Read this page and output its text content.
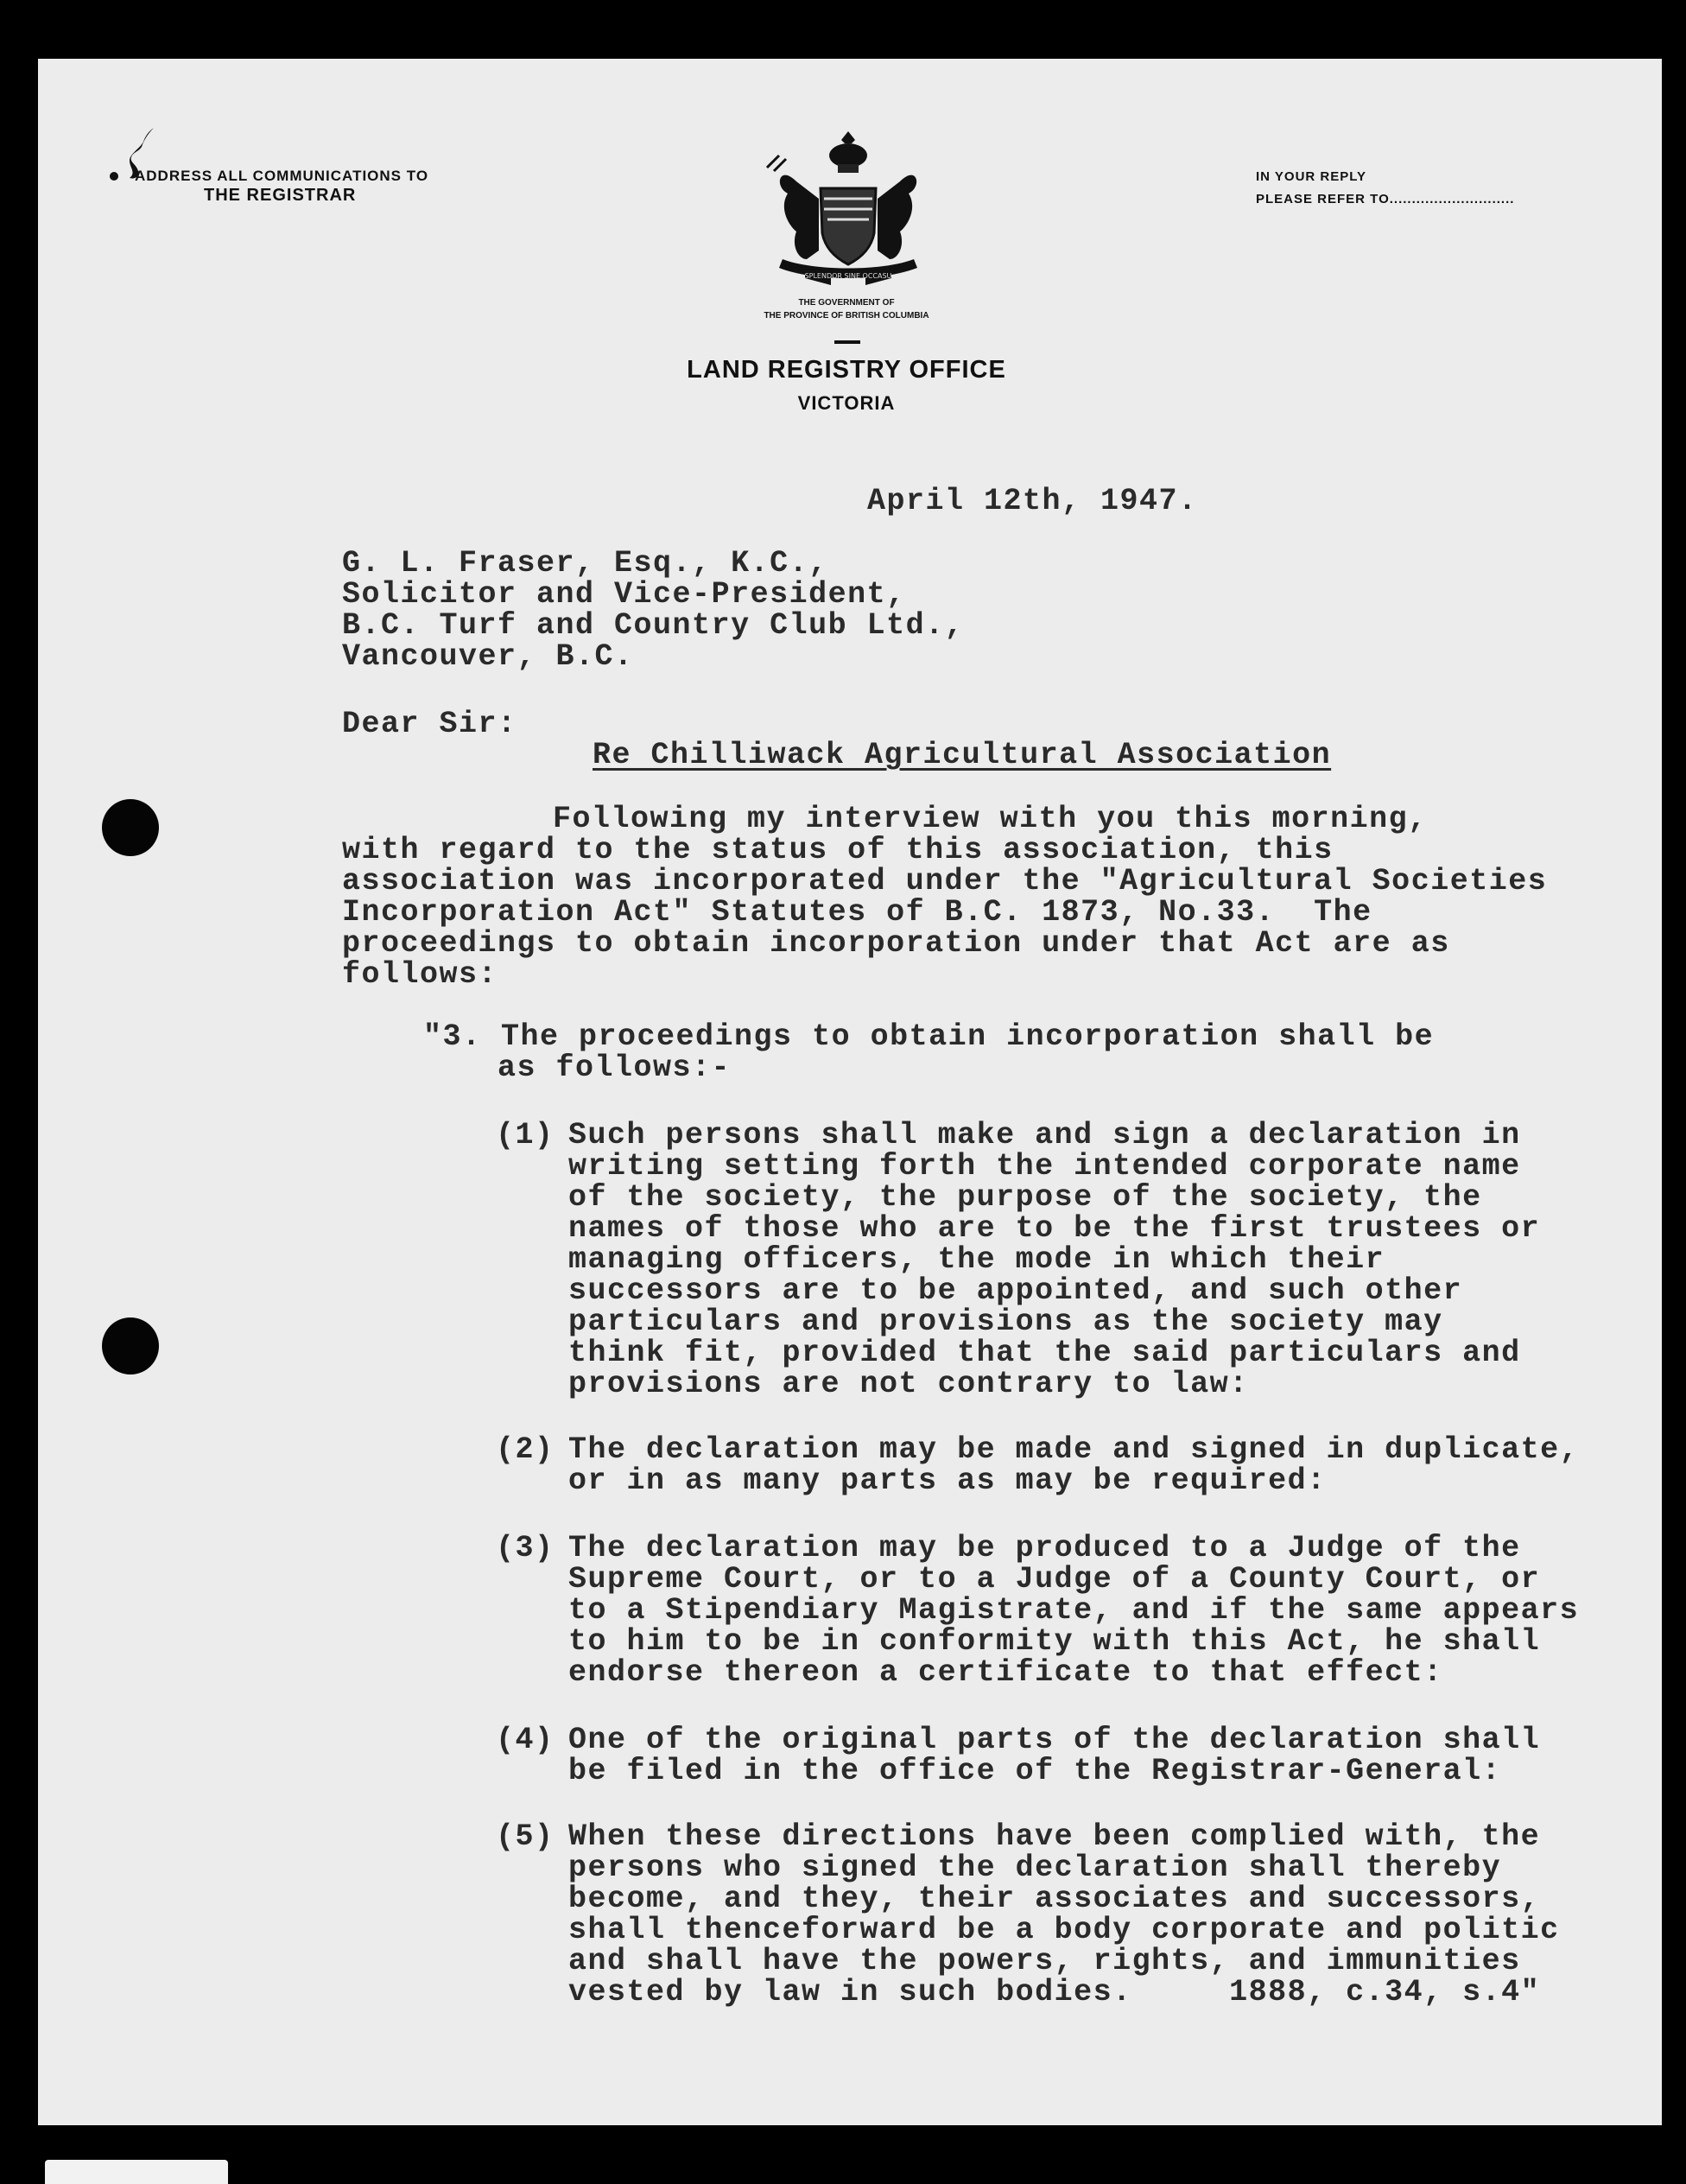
ADDRESS ALL COMMUNICATIONS TO
THE REGISTRAR
IN YOUR REPLY
PLEASE REFER TO............................
SPLENDOR SINE OCCASU
THE GOVERNMENT OF
THE PROVINCE OF BRITISH COLUMBIA
LAND REGISTRY OFFICE
VICTORIA
April 12th, 1947.
G. L. Fraser, Esq., K.C.,
Solicitor and Vice-President,
B.C. Turf and Country Club Ltd.,
Vancouver, B.C.
Dear Sir:
Re Chilliwack Agricultural Association
Following my interview with you this morning,
with regard to the status of this association, this
association was incorporated under the "Agricultural Societies
Incorporation Act" Statutes of B.C. 1873, No.33.  The
proceedings to obtain incorporation under that Act are as
follows:
"3. The proceedings to obtain incorporation shall be
as follows:-
(1) Such persons shall make and sign a declaration in
writing setting forth the intended corporate name
of the society, the purpose of the society, the
names of those who are to be the first trustees or
managing officers, the mode in which their
successors are to be appointed, and such other
particulars and provisions as the society may
think fit, provided that the said particulars and
provisions are not contrary to law:
(2) The declaration may be made and signed in duplicate,
or in as many parts as may be required:
(3) The declaration may be produced to a Judge of the
Supreme Court, or to a Judge of a County Court, or
to a Stipendiary Magistrate, and if the same appears
to him to be in conformity with this Act, he shall
endorse thereon a certificate to that effect:
(4) One of the original parts of the declaration shall
be filed in the office of the Registrar-General:
(5) When these directions have been complied with, the
persons who signed the declaration shall thereby
become, and they, their associates and successors,
shall thenceforward be a body corporate and politic
and shall have the powers, rights, and immunities
vested by law in such bodies.     1888, c.34, s.4"
